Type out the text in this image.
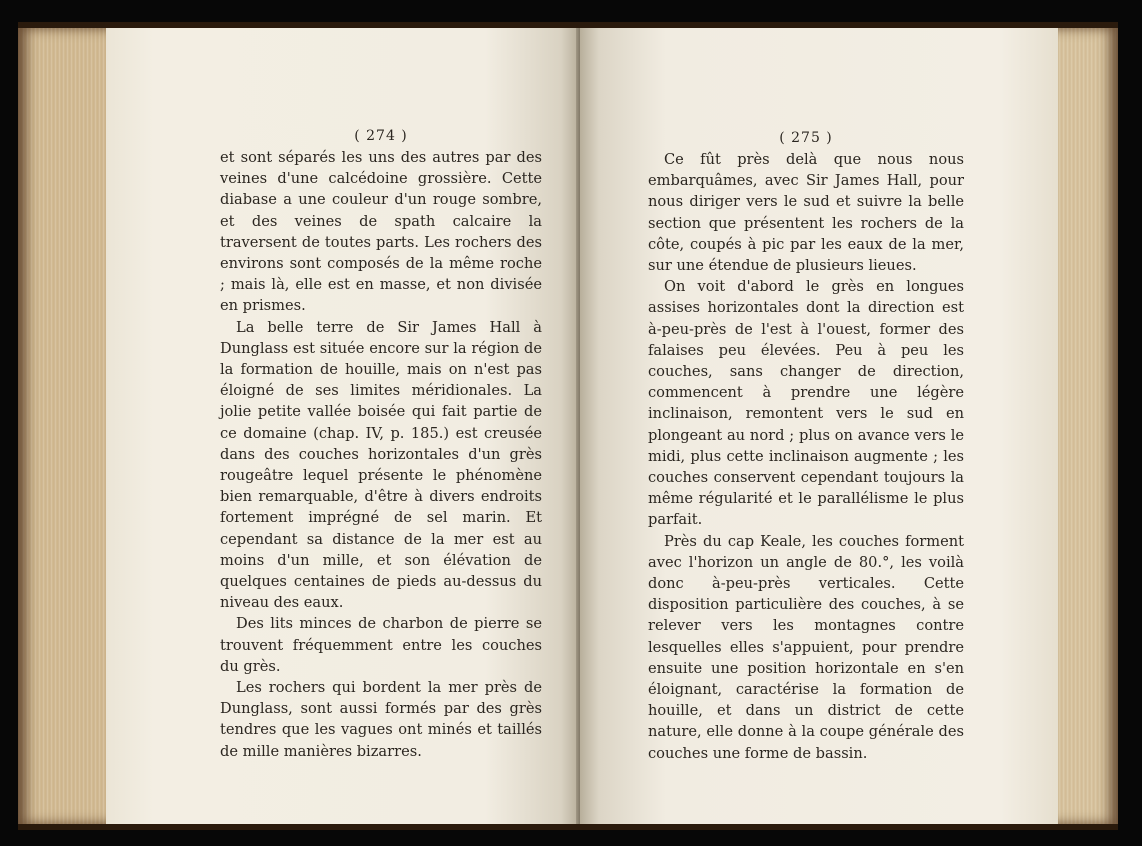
( 274 )

et sont séparés les uns des autres par des veines d'une calcédoine grossière. Cette diabase a une couleur d'un rouge sombre, et des veines de spath calcaire la traversent de toutes parts. Les rochers des environs sont composés de la même roche ; mais là, elle est en masse, et non divisée en prismes.

La belle terre de Sir James Hall à Dunglass est située encore sur la région de la formation de houille, mais on n'est pas éloigné de ses limites méridionales. La jolie petite vallée boisée qui fait partie de ce domaine (chap. IV, p. 185.) est creusée dans des couches horizontales d'un grès rougeâtre lequel présente le phénomène bien remarquable, d'être à divers endroits fortement imprégné de sel marin. Et cependant sa distance de la mer est au moins d'un mille, et son élévation de quelques centaines de pieds au-dessus du niveau des eaux.

Des lits minces de charbon de pierre se trouvent fréquemment entre les couches du grès.

Les rochers qui bordent la mer près de Dunglass, sont aussi formés par des grès tendres que les vagues ont minés et taillés de mille manières bizarres.

( 275 )

Ce fût près delà que nous nous embarquâmes, avec Sir James Hall, pour nous diriger vers le sud et suivre la belle section que présentent les rochers de la côte, coupés à pic par les eaux de la mer, sur une étendue de plusieurs lieues.

On voit d'abord le grès en longues assises horizontales dont la direction est à-peu-près de l'est à l'ouest, former des falaises peu élevées. Peu à peu les couches, sans changer de direction, commencent à prendre une légère inclinaison, remontent vers le sud en plongeant au nord ; plus on avance vers le midi, plus cette inclinaison augmente ; les couches conservent cependant toujours la même régularité et le parallélisme le plus parfait.

Près du cap Keale, les couches forment avec l'horizon un angle de 80.°, les voilà donc à-peu-près verticales. Cette disposition particulière des couches, à se relever vers les montagnes contre lesquelles elles s'appuient, pour prendre ensuite une position horizontale en s'en éloignant, caractérise la formation de houille, et dans un district de cette nature, elle donne à la coupe générale des couches une forme de bassin.
